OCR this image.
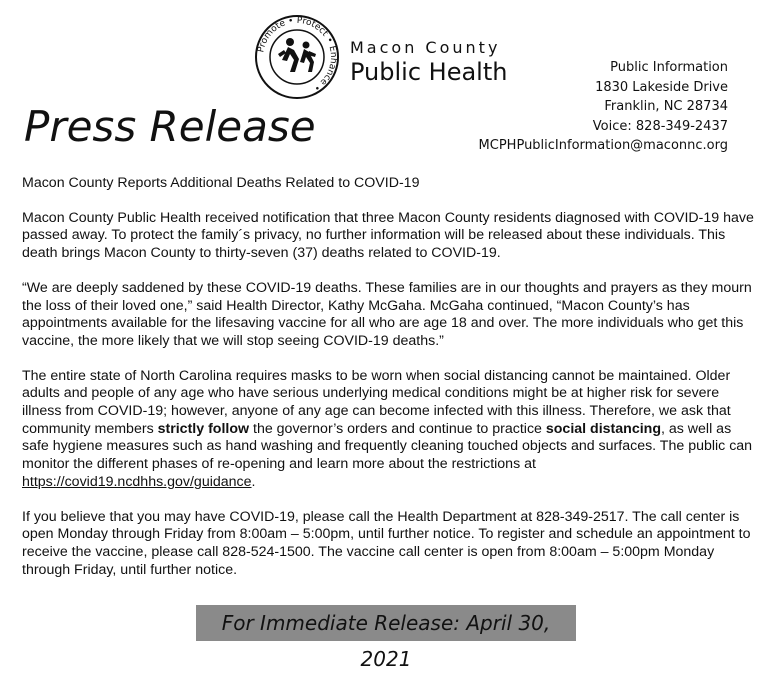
Promote • Protect • Enhance •
Macon County
Public Health
Press Release
Public Information
1830 Lakeside Drive
Franklin, NC 28734
Voice: 828-349-2437
MCPHPublicInformation@maconnc.org

Macon County Reports Additional Deaths Related to COVID-19

Macon County Public Health received notification that three Macon County residents diagnosed with COVID-19 have passed away. To protect the family´s privacy, no further information will be released about these individuals. This death brings Macon County to thirty-seven (37) deaths related to COVID-19.

“We are deeply saddened by these COVID-19 deaths. These families are in our thoughts and prayers as they mourn the loss of their loved one,” said Health Director, Kathy McGaha. McGaha continued, “Macon County’s has appointments available for the lifesaving vaccine for all who are age 18 and over. The more individuals who get this vaccine, the more likely that we will stop seeing COVID-19 deaths.”

The entire state of North Carolina requires masks to be worn when social distancing cannot be maintained. Older adults and people of any age who have serious underlying medical conditions might be at higher risk for severe illness from COVID-19; however, anyone of any age can become infected with this illness. Therefore, we ask that community members strictly follow the governor’s orders and continue to practice social distancing, as well as safe hygiene measures such as hand washing and frequently cleaning touched objects and surfaces. The public can monitor the different phases of re-opening and learn more about the restrictions at https://covid19.ncdhhs.gov/guidance.

If you believe that you may have COVID-19, please call the Health Department at 828-349-2517. The call center is open Monday through Friday from 8:00am – 5:00pm, until further notice. To register and schedule an appointment to receive the vaccine, please call 828-524-1500. The vaccine call center is open from 8:00am – 5:00pm Monday through Friday, until further notice.

For Immediate Release: April 30, 2021
